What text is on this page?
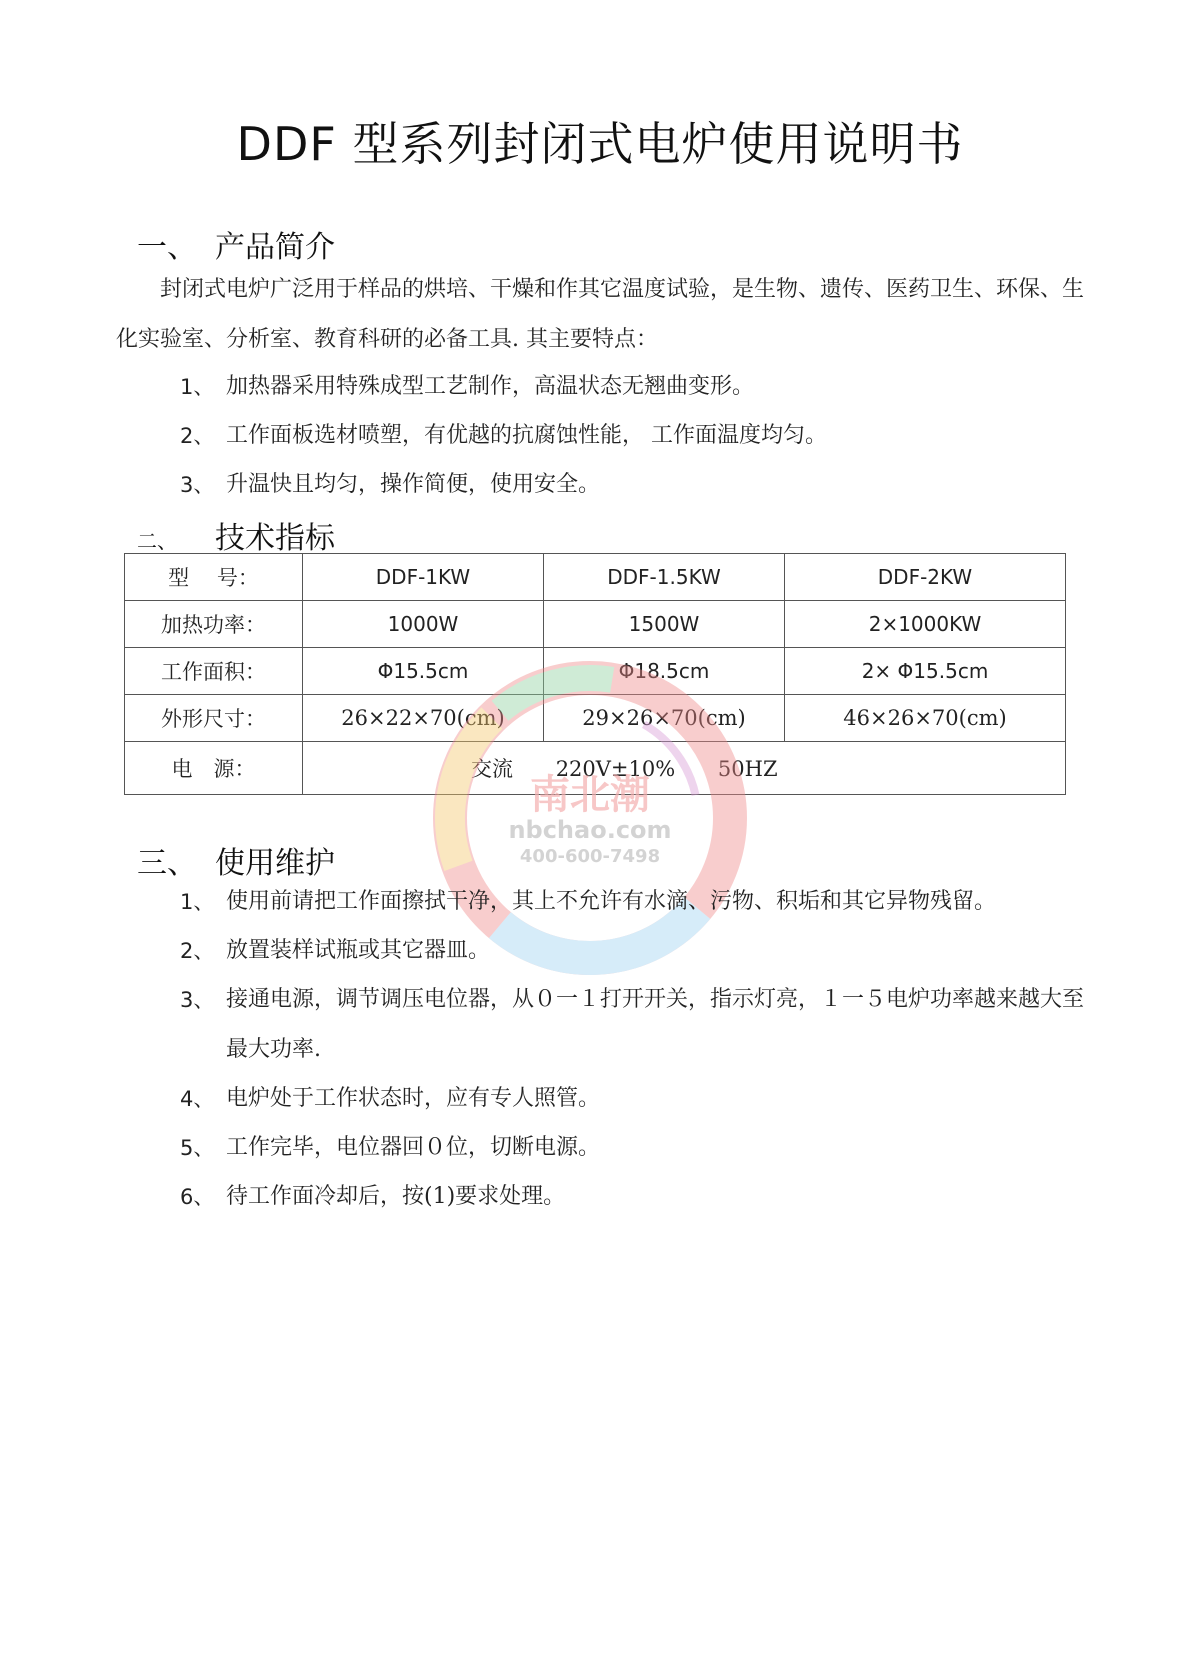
DDF 型系列封闭式电炉使用说明书
一、 产品简介
封闭式电炉广泛用于样品的烘培、干燥和作其它温度试验，是生物、遗传、医药卫生、环保、生化实验室、分析室、教育科研的必备工具. 其主要特点：
1、 加热器采用特殊成型工艺制作，高温状态无翘曲变形。
2、 工作面板选材喷塑，有优越的抗腐蚀性能， 工作面温度均匀。
3、 升温快且均匀，操作简便，使用安全。
二、 技术指标
型　 号：	DDF-1KW	DDF-1.5KW	DDF-2KW
加热功率：	1000W	1500W	2×1000KW
工作面积：	Φ15.5cm	Φ18.5cm	2× Φ15.5cm
外形尺寸：	26×22×70(cm)	29×26×70(cm)	46×26×70(cm)
电　源：	交流 220V±10% 50HZ		
南北潮
nbchao.com
400-600-7498
三、 使用维护
1、 使用前请把工作面擦拭干净，其上不允许有水滴、污物、积垢和其它异物残留。
2、 放置装样试瓶或其它器皿。
3、 接通电源，调节调压电位器，从０一１打开开关，指示灯亮，１一５电炉功率越来越大至最大功率.
4、 电炉处于工作状态时，应有专人照管。
5、 工作完毕，电位器回０位，切断电源。
6、 待工作面冷却后，按(1)要求处理。
